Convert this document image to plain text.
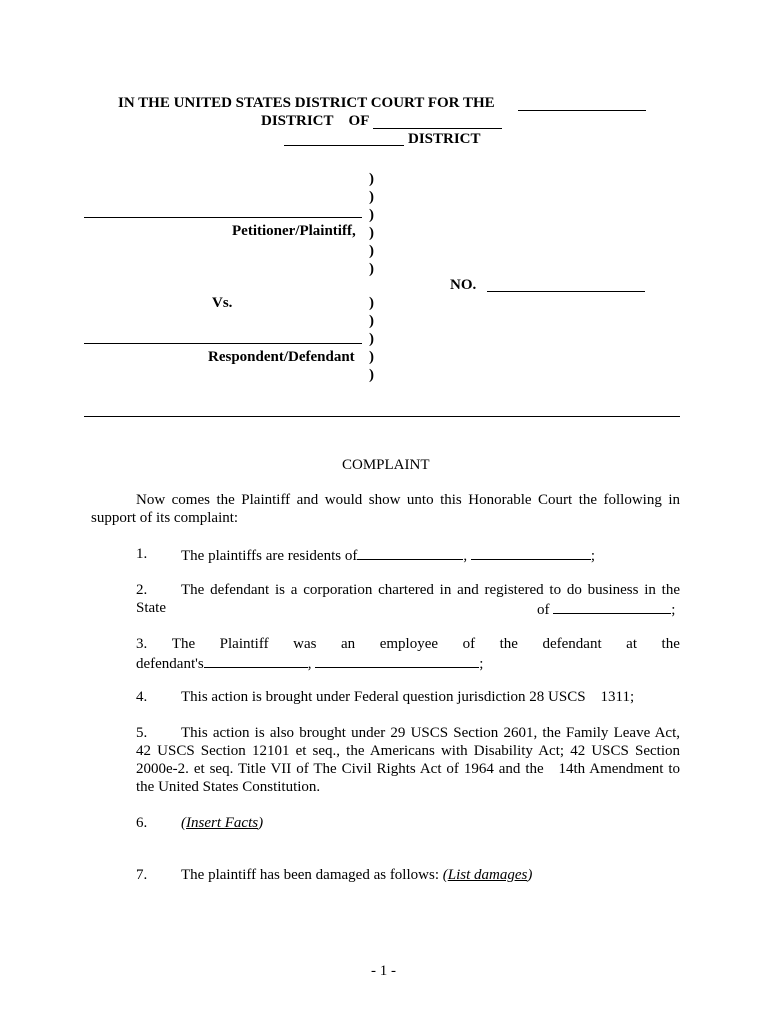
IN THE UNITED STATES DISTRICT COURT FOR THE
DISTRICT OF
DISTRICT
)
)
)
)
)
)
)
)
)
)
)
Petitioner/Plaintiff,
NO.
Vs.
Respondent/Defendant
COMPLAINT
Now comes the Plaintiff and would show unto this Honorable Court the following in
support of its complaint:
1. The plaintiffs are residents of	,	;
2. The defendant is a corporation chartered in and registered to do business in the
State	of	;
3. The Plaintiff was an employee of the defendant at the
defendant's	,	;
4. This action is brought under Federal question jurisdiction 28 USCS    1311;
5. This action is also brought under 29 USCS Section 2601, the Family Leave Act,
42 USCS Section 12101 et seq., the Americans with Disability Act; 42 USCS Section
2000e-2. et seq. Title VII of The Civil Rights Act of 1964 and the   14th Amendment to
the United States Constitution.
6. (Insert Facts)
7. The plaintiff has been damaged as follows: (List damages)
- 1 -
